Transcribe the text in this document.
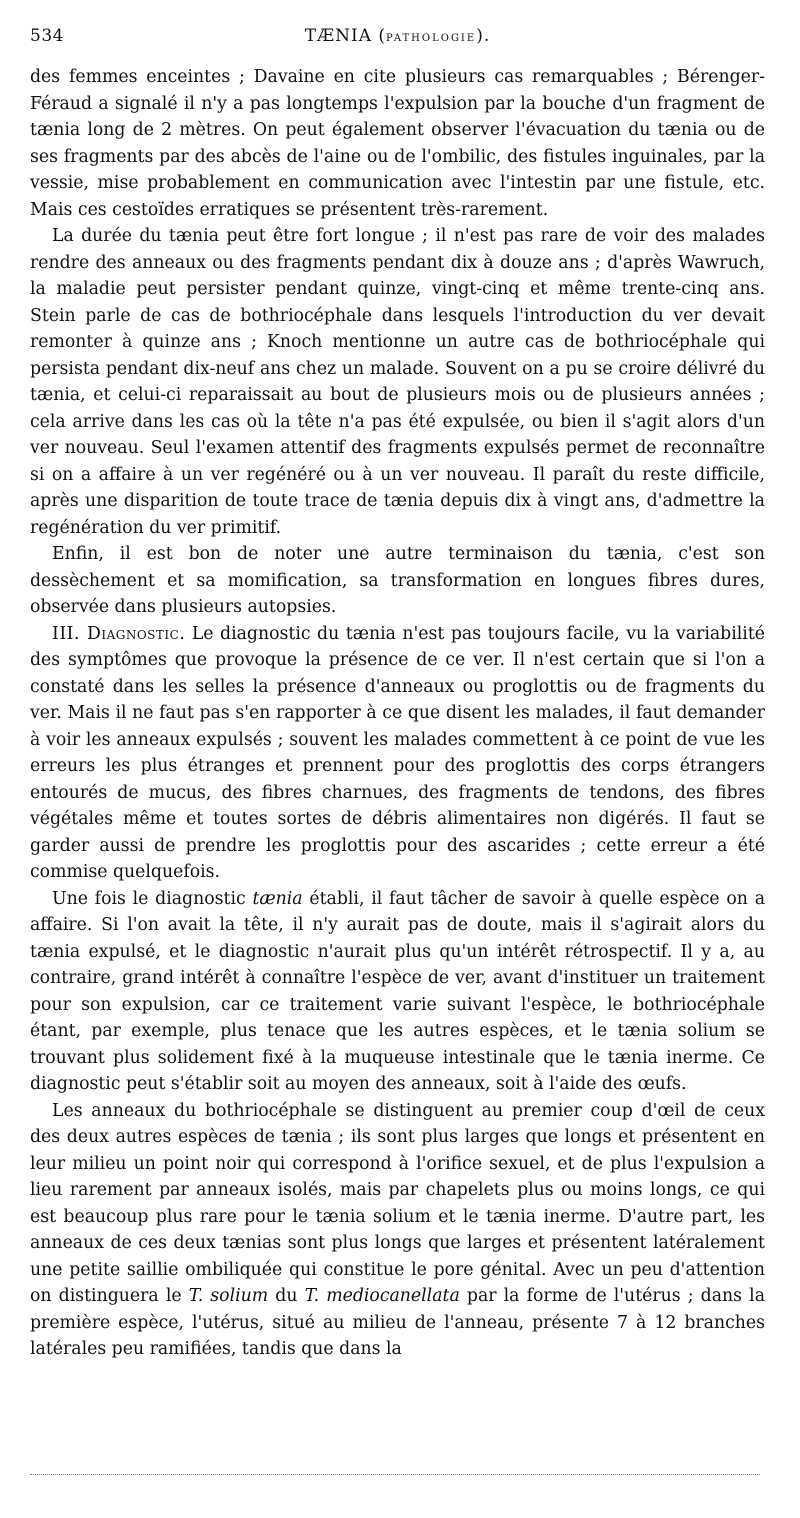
534	TÆNIA (pathologie).

des femmes enceintes ; Davaine en cite plusieurs cas remarquables ; Bérenger-Féraud a signalé il n'y a pas longtemps l'expulsion par la bouche d'un fragment de tænia long de 2 mètres. On peut également observer l'évacuation du tænia ou de ses fragments par des abcès de l'aine ou de l'ombilic, des fistules inguinales, par la vessie, mise probablement en communication avec l'intestin par une fistule, etc. Mais ces cestoïdes erratiques se présentent très-rarement.

La durée du tænia peut être fort longue ; il n'est pas rare de voir des malades rendre des anneaux ou des fragments pendant dix à douze ans ; d'après Wawruch, la maladie peut persister pendant quinze, vingt-cinq et même trente-cinq ans. Stein parle de cas de bothriocéphale dans lesquels l'introduction du ver devait remonter à quinze ans ; Knoch mentionne un autre cas de bothriocéphale qui persista pendant dix-neuf ans chez un malade. Souvent on a pu se croire délivré du tænia, et celui-ci reparaissait au bout de plusieurs mois ou de plusieurs années ; cela arrive dans les cas où la tête n'a pas été expulsée, ou bien il s'agit alors d'un ver nouveau. Seul l'examen attentif des fragments expulsés permet de reconnaître si on a affaire à un ver regénéré ou à un ver nouveau. Il paraît du reste difficile, après une disparition de toute trace de tænia depuis dix à vingt ans, d'admettre la regénération du ver primitif.

Enfin, il est bon de noter une autre terminaison du tænia, c'est son dessèchement et sa momification, sa transformation en longues fibres dures, observée dans plusieurs autopsies.

III. Diagnostic. Le diagnostic du tænia n'est pas toujours facile, vu la variabilité des symptômes que provoque la présence de ce ver. Il n'est certain que si l'on a constaté dans les selles la présence d'anneaux ou proglottis ou de fragments du ver. Mais il ne faut pas s'en rapporter à ce que disent les malades, il faut demander à voir les anneaux expulsés ; souvent les malades commettent à ce point de vue les erreurs les plus étranges et prennent pour des proglottis des corps étrangers entourés de mucus, des fibres charnues, des fragments de tendons, des fibres végétales même et toutes sortes de débris alimentaires non digérés. Il faut se garder aussi de prendre les proglottis pour des ascarides ; cette erreur a été commise quelquefois.

Une fois le diagnostic tænia établi, il faut tâcher de savoir à quelle espèce on a affaire. Si l'on avait la tête, il n'y aurait pas de doute, mais il s'agirait alors du tænia expulsé, et le diagnostic n'aurait plus qu'un intérêt rétrospectif. Il y a, au contraire, grand intérêt à connaître l'espèce de ver, avant d'instituer un traitement pour son expulsion, car ce traitement varie suivant l'espèce, le bothriocéphale étant, par exemple, plus tenace que les autres espèces, et le tænia solium se trouvant plus solidement fixé à la muqueuse intestinale que le tænia inerme. Ce diagnostic peut s'établir soit au moyen des anneaux, soit à l'aide des œufs.

Les anneaux du bothriocéphale se distinguent au premier coup d'œil de ceux des deux autres espèces de tænia ; ils sont plus larges que longs et présentent en leur milieu un point noir qui correspond à l'orifice sexuel, et de plus l'expulsion a lieu rarement par anneaux isolés, mais par chapelets plus ou moins longs, ce qui est beaucoup plus rare pour le tænia solium et le tænia inerme. D'autre part, les anneaux de ces deux tænias sont plus longs que larges et présentent latéralement une petite saillie ombiliquée qui constitue le pore génital. Avec un peu d'attention on distinguera le T. solium du T. mediocanellata par la forme de l'utérus ; dans la première espèce, l'utérus, situé au milieu de l'anneau, présente 7 à 12 branches latérales peu ramifiées, tandis que dans la
